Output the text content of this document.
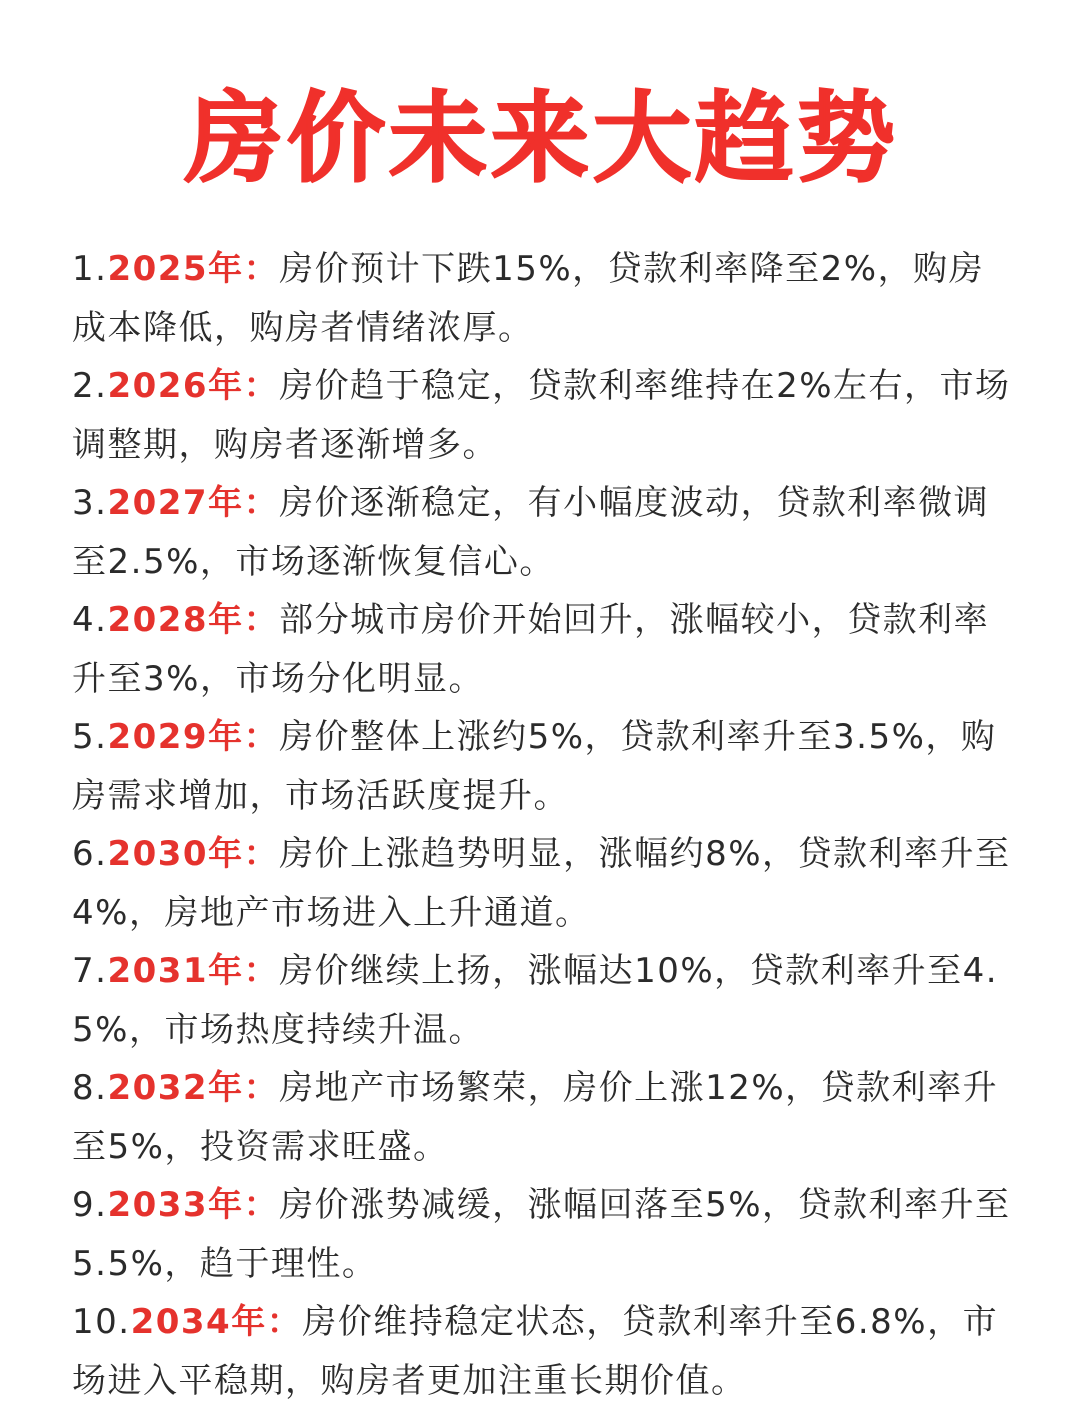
房价未来大趋势
1.2025年：房价预计下跌15%，贷款利率降至2%，购房成本降低，购房者情绪浓厚。
2.2026年：房价趋于稳定，贷款利率维持在2%左右，市场调整期，购房者逐渐增多。
3.2027年：房价逐渐稳定，有小幅度波动，贷款利率微调至2.5%，市场逐渐恢复信心。
4.2028年：部分城市房价开始回升，涨幅较小，贷款利率升至3%，市场分化明显。
5.2029年：房价整体上涨约5%，贷款利率升至3.5%，购房需求增加，市场活跃度提升。
6.2030年：房价上涨趋势明显，涨幅约8%，贷款利率升至4%，房地产市场进入上升通道。
7.2031年：房价继续上扬，涨幅达10%，贷款利率升至4.5%，市场热度持续升温。
8.2032年：房地产市场繁荣，房价上涨12%，贷款利率升至5%，投资需求旺盛。
9.2033年：房价涨势减缓，涨幅回落至5%，贷款利率升至5.5%，趋于理性。
10.2034年：房价维持稳定状态，贷款利率升至6.8%，市场进入平稳期，购房者更加注重长期价值。
